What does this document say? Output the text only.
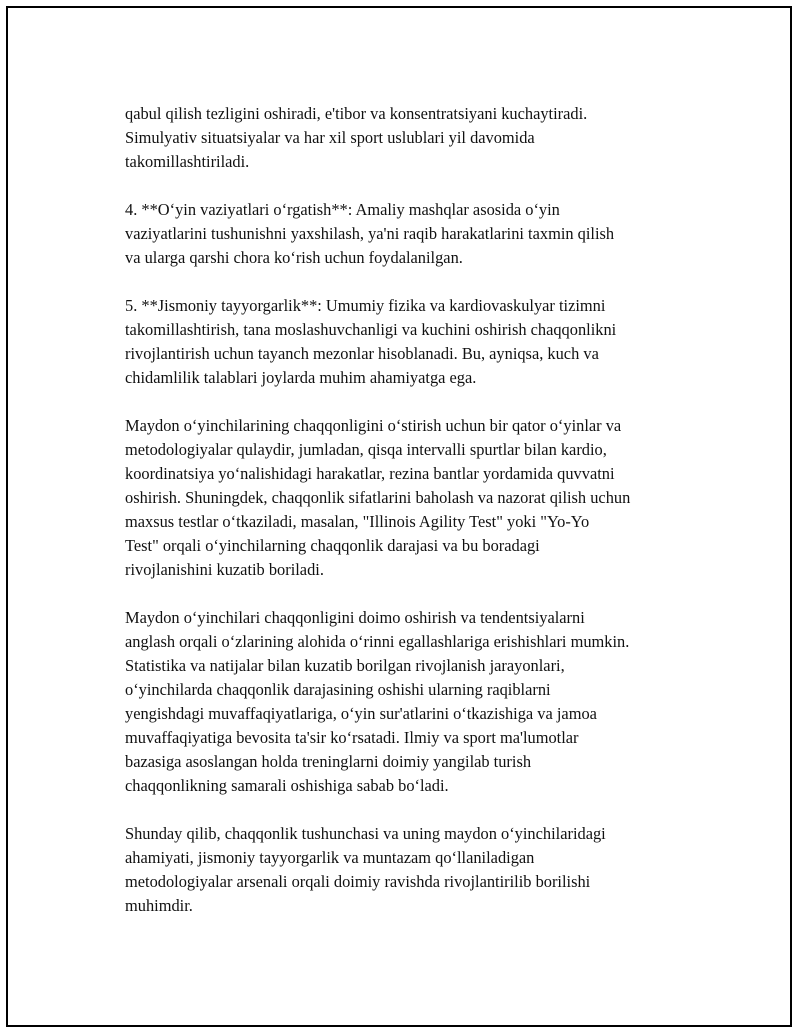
qabul qilish tezligini oshiradi, e'tibor va konsentratsiyani kuchaytiradi.
Simulyativ situatsiyalar va har xil sport uslublari yil davomida
takomillashtiriladi.

4. **O‘yin vaziyatlari o‘rgatish**: Amaliy mashqlar asosida o‘yin
vaziyatlarini tushunishni yaxshilash, ya'ni raqib harakatlarini taxmin qilish
va ularga qarshi chora ko‘rish uchun foydalanilgan.

5. **Jismoniy tayyorgarlik**: Umumiy fizika va kardiovaskulyar tizimni
takomillashtirish, tana moslashuvchanligi va kuchini oshirish chaqqonlikni
rivojlantirish uchun tayanch mezonlar hisoblanadi. Bu, ayniqsa, kuch va
chidamlilik talablari joylarda muhim ahamiyatga ega.

Maydon o‘yinchilarining chaqqonligini o‘stirish uchun bir qator o‘yinlar va
metodologiyalar qulaydir, jumladan, qisqa intervalli spurtlar bilan kardio,
koordinatsiya yo‘nalishidagi harakatlar, rezina bantlar yordamida quvvatni
oshirish. Shuningdek, chaqqonlik sifatlarini baholash va nazorat qilish uchun
maxsus testlar o‘tkaziladi, masalan, "Illinois Agility Test" yoki "Yo-Yo
Test" orqali o‘yinchilarning chaqqonlik darajasi va bu boradagi
rivojlanishini kuzatib boriladi.

Maydon o‘yinchilari chaqqonligini doimo oshirish va tendentsiyalarni
anglash orqali o‘zlarining alohida o‘rinni egallashlariga erishishlari mumkin.
Statistika va natijalar bilan kuzatib borilgan rivojlanish jarayonlari,
o‘yinchilarda chaqqonlik darajasining oshishi ularning raqiblarni
yengishdagi muvaffaqiyatlariga, o‘yin sur'atlarini o‘tkazishiga va jamoa
muvaffaqiyatiga bevosita ta'sir ko‘rsatadi. Ilmiy va sport ma'lumotlar
bazasiga asoslangan holda treninglarni doimiy yangilab turish
chaqqonlikning samarali oshishiga sabab bo‘ladi.

Shunday qilib, chaqqonlik tushunchasi va uning maydon o‘yinchilaridagi
ahamiyati, jismoniy tayyorgarlik va muntazam qo‘llaniladigan
metodologiyalar arsenali orqali doimiy ravishda rivojlantirilib borilishi
muhimdir.
